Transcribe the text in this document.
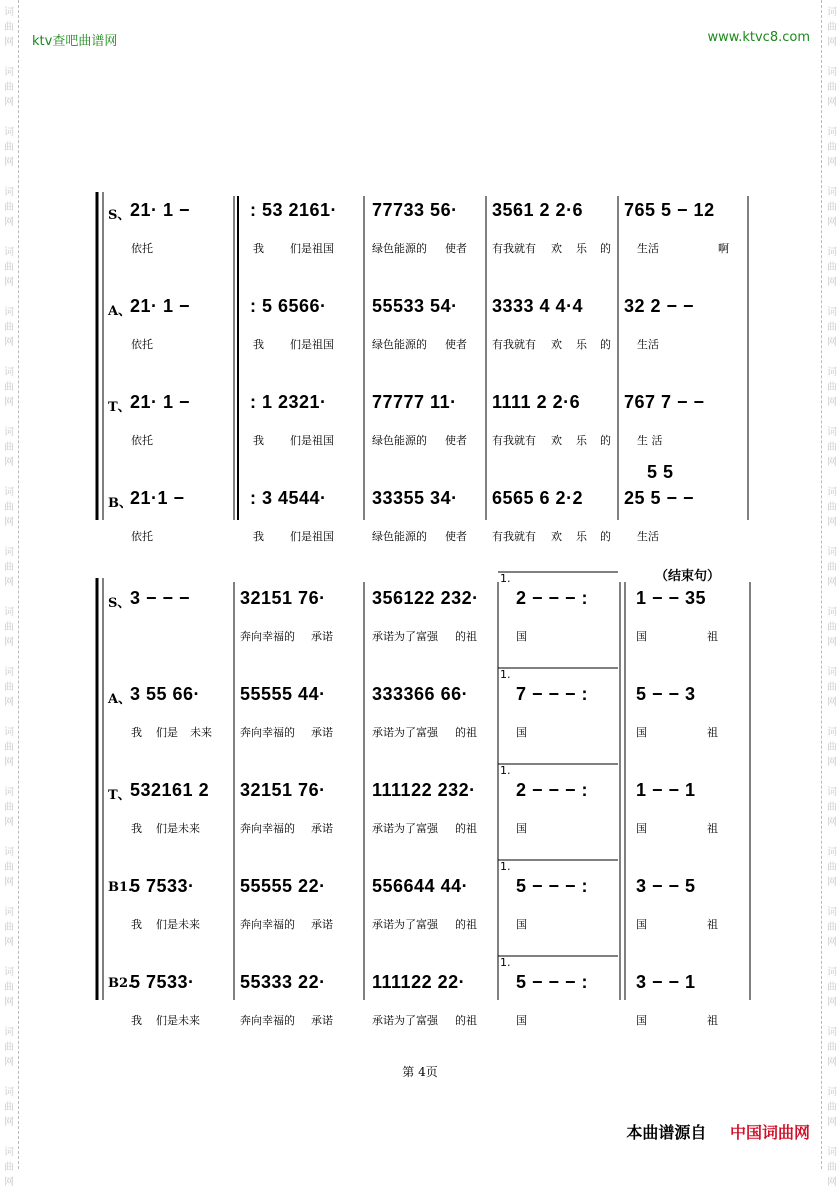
词
曲
网
词
曲
网
词
曲
网
词
曲
网
词
曲
网
词
曲
网
词
曲
网
词
曲
网
词
曲
网
词
曲
网
词
曲
网
词
曲
网
词
曲
网
词
曲
网
词
曲
网
词
曲
网
词
曲
网
词
曲
网
词
曲
网
词
曲
网
词
曲
网
词
曲
网
词
曲
网
词
曲
网
词
曲
网
词
曲
网
词
曲
网
词
曲
网
词
曲
网
词
曲
网
词
曲
网
词
曲
网
词
曲
网
词
曲
网
词
曲
网
词
曲
网
词
曲
网
词
曲
网
词
曲
网
词
曲
网
ktv查吧曲谱网	www.ktvc8.com
S、 21· 1 −	: 53 2161· 77733 56· 3561 2 2·6 765 5 − 12
依托	我 们是祖国	绿色能源的 使者 有我就有 欢 乐 的 生活	啊
A、
21· 1 −	: 5 6566·	55533 54· 3333 4 4·4 32 2 − −
依托	我 们是祖国	绿色能源的 使者 有我就有 欢 乐 的 生活
T、 21· 1 −	: 1 2321·	77777 11· 1111 2 2·6 767 7 − −
依托	我 们是祖国	绿色能源的 使者 有我就有 欢 乐 的 生 活
B、
5 5
21·1 −	: 3 4544·	33355 34· 6565 6 2·2 25 5 − −
依托	我 们是祖国	绿色能源的 使者 有我就有 欢 乐 的 生活
（结束句）
S、
1.
3 − − −	32151 76·	356122 232· 2 − − − :	1 − − 35
奔向幸福的 承诺	承诺为了富强 的祖	国	国	祖
A、
1.
3 55 66· 55555 44·	333366 66·	7 − − − :	5 − − 3
我 们是 未来	奔向幸福的 承诺	承诺为了富强 的祖	国	国	祖
T、
1.
532161 2 32151 76·	111122 232· 2 − − − :	1 − − 1
我 们是未来	奔向幸福的 承诺	承诺为了富强 的祖	国	国	祖
B1.
1.
5 7533·	55555 22·	556644 44·	5 − − − :	3 − − 5
我 们是未来	奔向幸福的 承诺	承诺为了富强 的祖	国	国	祖
B2.
1.
5 7533·	55333 22·	111122 22·	5 − − − :	3 − − 1
我 们是未来	奔向幸福的 承诺	承诺为了富强 的祖	国	国	祖
第 4页
本曲谱源自 中国词曲网
